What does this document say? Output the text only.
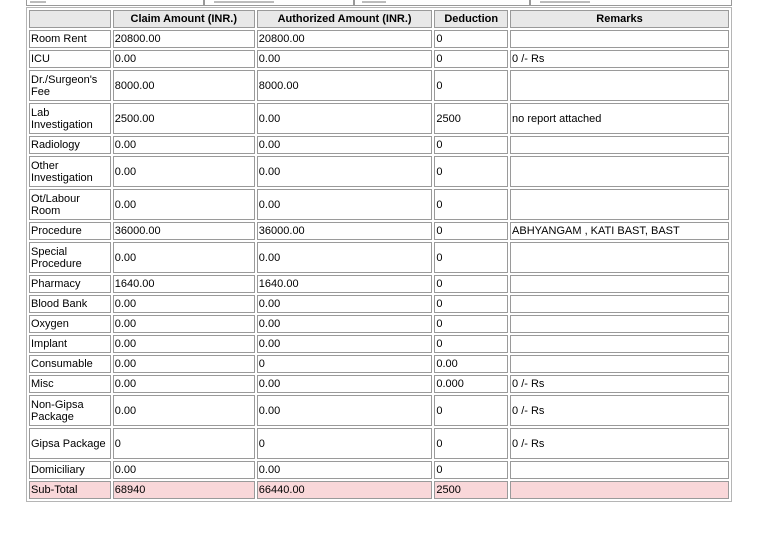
	Claim Amount (INR.)	Authorized Amount (INR.)	Deduction	Remarks
Room Rent	20800.00	20800.00	0	
ICU	0.00	0.00	0	0 /- Rs
Dr./Surgeon's Fee	8000.00	8000.00	0	
Lab Investigation	2500.00	0.00	2500	no report attached
Radiology	0.00	0.00	0	
Other Investigation	0.00	0.00	0	
Ot/Labour Room	0.00	0.00	0	
Procedure	36000.00	36000.00	0	ABHYANGAM , KATI BAST, BAST
Special Procedure	0.00	0.00	0	
Pharmacy	1640.00	1640.00	0	
Blood Bank	0.00	0.00	0	
Oxygen	0.00	0.00	0	
Implant	0.00	0.00	0	
Consumable	0.00	0	0.00	
Misc	0.00	0.00	0.000	0 /- Rs
Non-Gipsa Package	0.00	0.00	0	0 /- Rs
Gipsa Package	0	0	0	0 /- Rs
Domiciliary	0.00	0.00	0	
Sub-Total	68940	66440.00	2500	
